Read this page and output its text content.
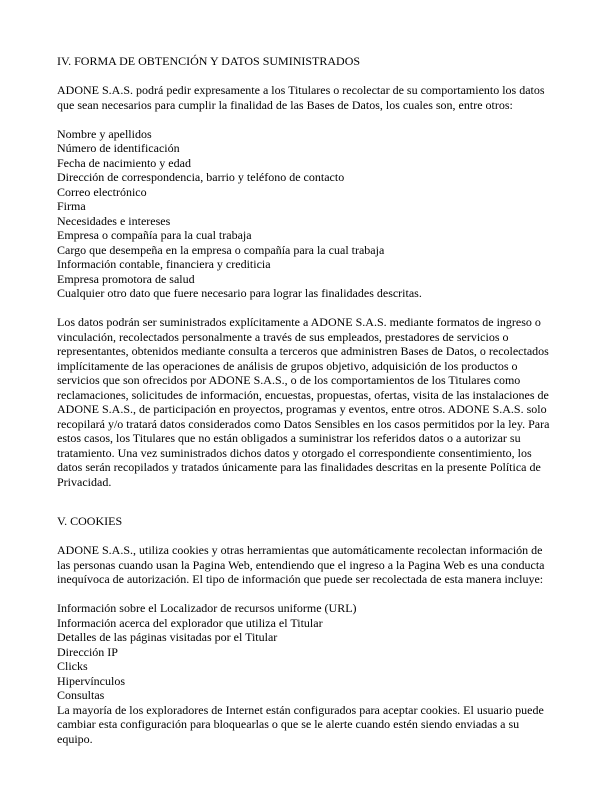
IV. FORMA DE OBTENCIÓN Y DATOS SUMINISTRADOS

ADONE S.A.S. podrá pedir expresamente a los Titulares o recolectar de su comportamiento los datos que sean necesarios para cumplir la finalidad de las Bases de Datos, los cuales son, entre otros:

Nombre y apellidos
Número de identificación
Fecha de nacimiento y edad
Dirección de correspondencia, barrio y teléfono de contacto
Correo electrónico
Firma
Necesidades e intereses
Empresa o compañía para la cual trabaja
Cargo que desempeña en la empresa o compañía para la cual trabaja
Información contable, financiera y crediticia
Empresa promotora de salud
Cualquier otro dato que fuere necesario para lograr las finalidades descritas.

Los datos podrán ser suministrados explícitamente a ADONE S.A.S. mediante formatos de ingreso o vinculación, recolectados personalmente a través de sus empleados, prestadores de servicios o representantes, obtenidos mediante consulta a terceros que administren Bases de Datos, o recolectados implícitamente de las operaciones de análisis de grupos objetivo, adquisición de los productos o servicios que son ofrecidos por ADONE S.A.S., o de los comportamientos de los Titulares como reclamaciones, solicitudes de información, encuestas, propuestas, ofertas, visita de las instalaciones de ADONE S.A.S., de participación en proyectos, programas y eventos, entre otros. ADONE S.A.S. solo recopilará y/o tratará datos considerados como Datos Sensibles en los casos permitidos por la ley. Para estos casos, los Titulares que no están obligados a suministrar los referidos datos o a autorizar su tratamiento. Una vez suministrados dichos datos y otorgado el correspondiente consentimiento, los datos serán recopilados y tratados únicamente para las finalidades descritas en la presente Política de Privacidad.

V. COOKIES

ADONE S.A.S., utiliza cookies y otras herramientas que automáticamente recolectan información de las personas cuando usan la Pagina Web, entendiendo que el ingreso a la Pagina Web es una conducta inequívoca de autorización. El tipo de información que puede ser recolectada de esta manera incluye:

Información sobre el Localizador de recursos uniforme (URL)
Información acerca del explorador que utiliza el Titular
Detalles de las páginas visitadas por el Titular
Dirección IP
Clicks
Hipervínculos
Consultas

La mayoría de los exploradores de Internet están configurados para aceptar cookies. El usuario puede cambiar esta configuración para bloquearlas o que se le alerte cuando estén siendo enviadas a su equipo.
